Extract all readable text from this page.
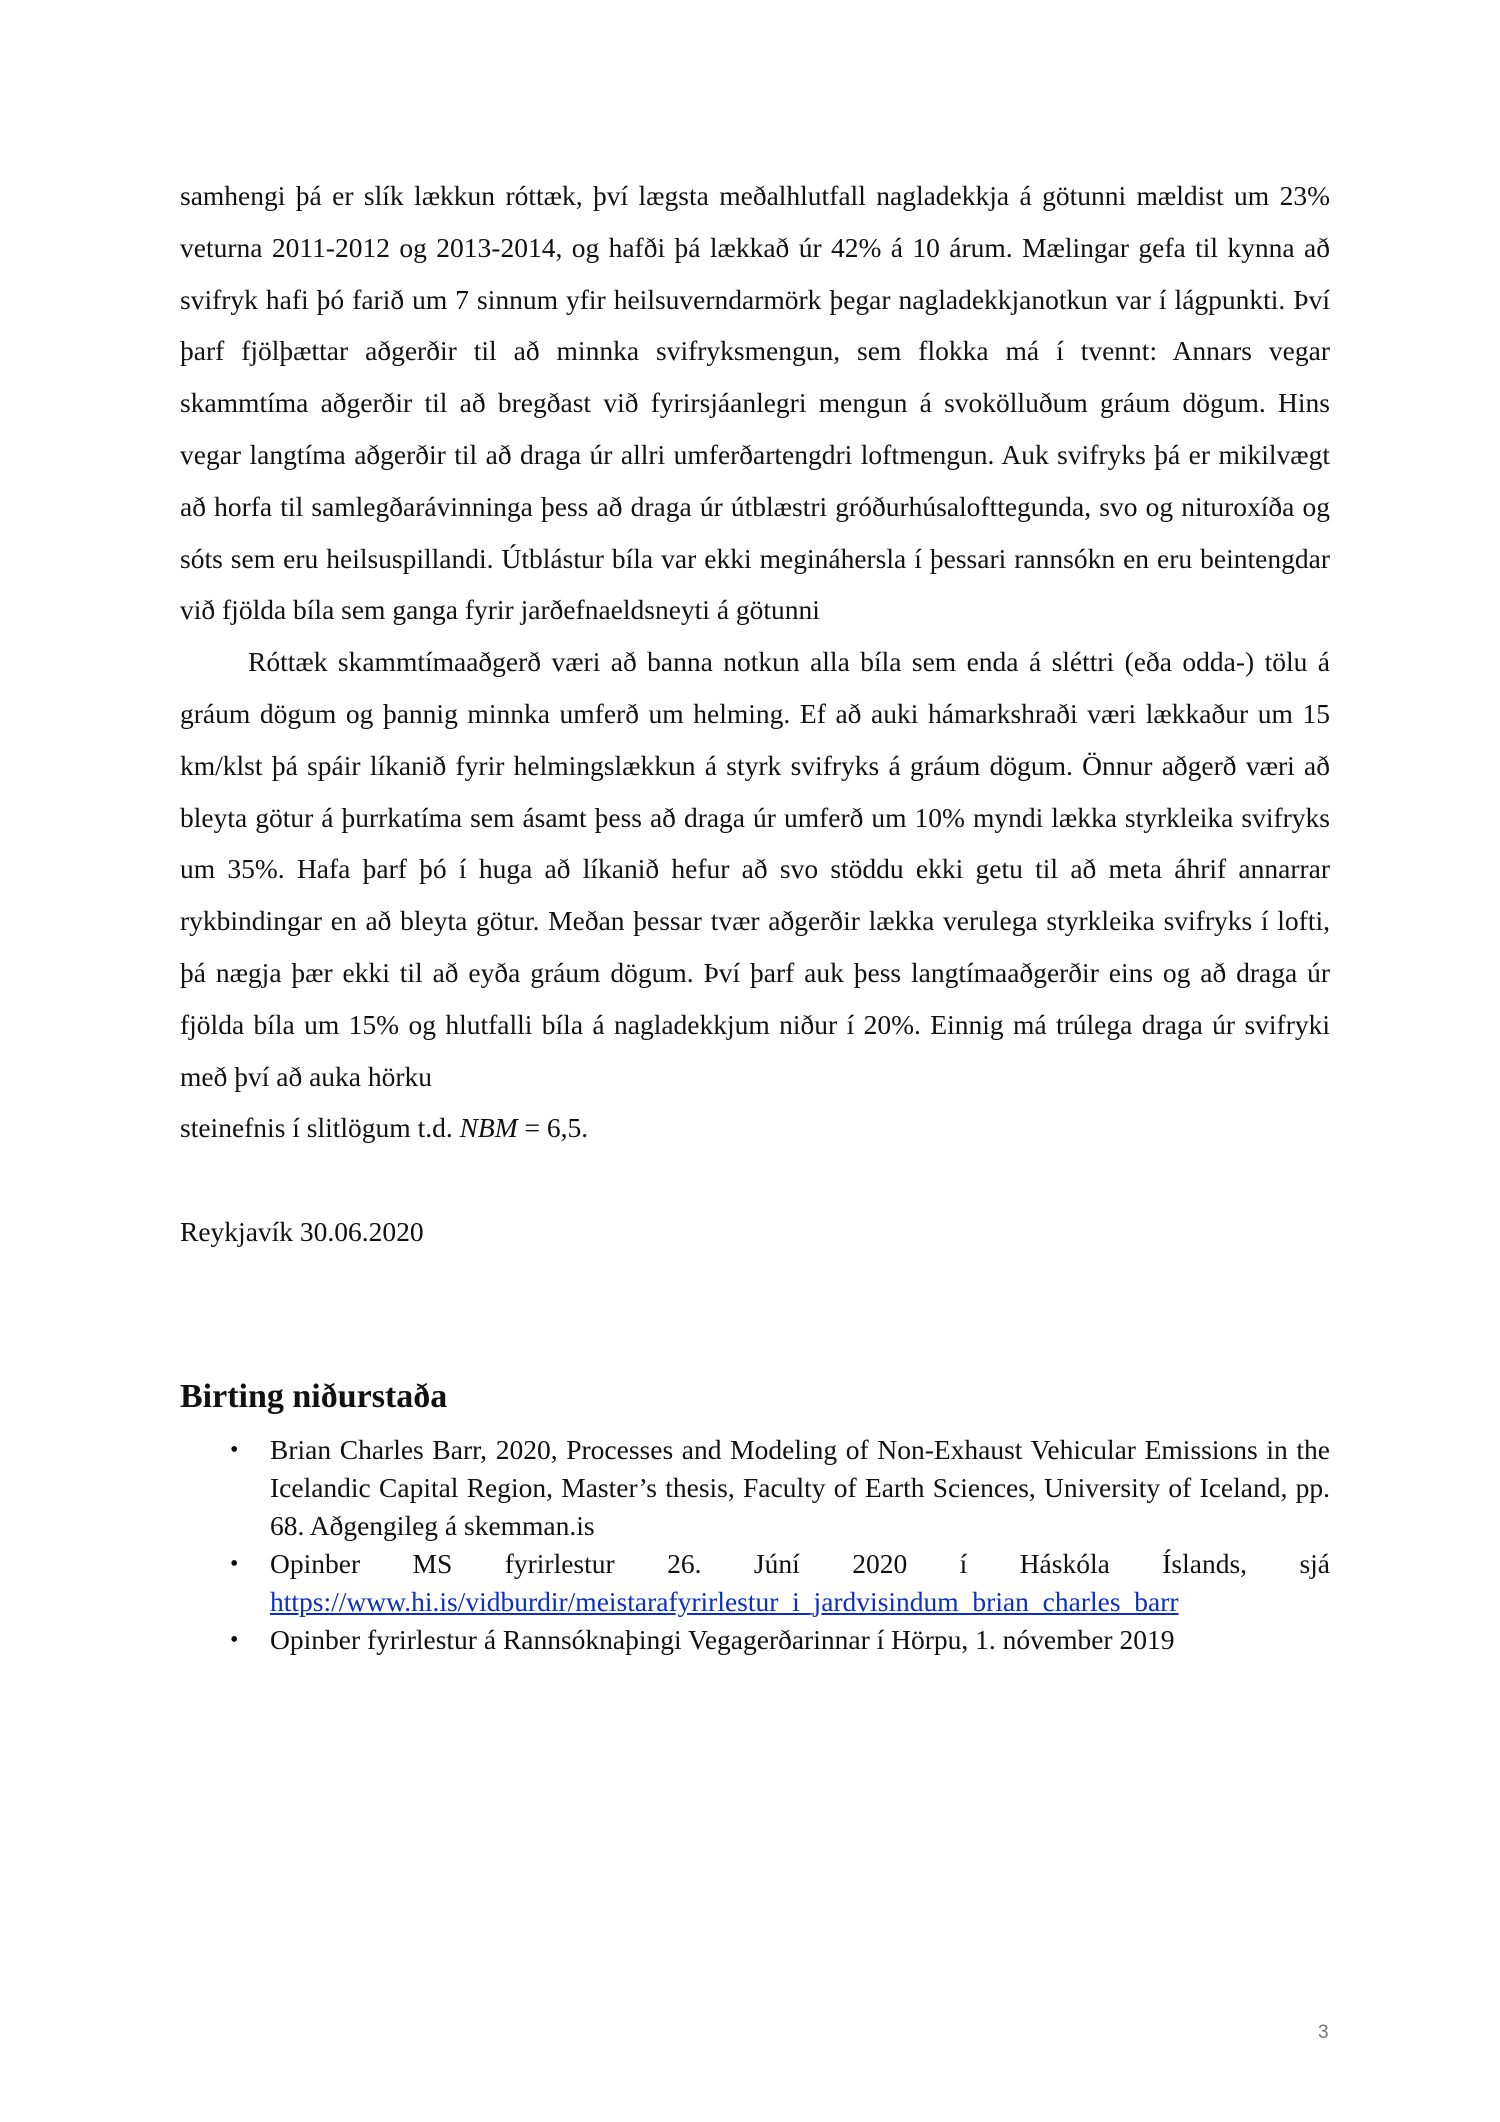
samhengi þá er slík lækkun róttæk, því lægsta meðalhlutfall nagladekkja á götunni mældist um 23% veturna 2011-2012 og 2013-2014, og hafði þá lækkað úr 42% á 10 árum. Mælingar gefa til kynna að svifryk hafi þó farið um 7 sinnum yfir heilsuverndarmörk þegar nagladekkjanotkun var í lágpunkti. Því þarf fjölþættar aðgerðir til að minnka svifryksmengun, sem flokka má í tvennt: Annars vegar skammtíma aðgerðir til að bregðast við fyrirsjáanlegri mengun á svokölluðum gráum dögum. Hins vegar langtíma aðgerðir til að draga úr allri umferðartengdri loftmengun. Auk svifryks þá er mikilvægt að horfa til samlegðarávinninga þess að draga úr útblæstri gróðurhúsalofttegunda, svo og nituroxíða og sóts sem eru heilsuspillandi. Útblástur bíla var ekki megináhersla í þessari rannsókn en eru beintengdar við fjölda bíla sem ganga fyrir jarðefnaeldsneyti á götunni

Róttæk skammtímaaðgerð væri að banna notkun alla bíla sem enda á sléttri (eða odda-) tölu á gráum dögum og þannig minnka umferð um helming. Ef að auki hámarkshraði væri lækkaður um 15 km/klst þá spáir líkanið fyrir helmingslækkun á styrk svifryks á gráum dögum. Önnur aðgerð væri að bleyta götur á þurrkatíma sem ásamt þess að draga úr umferð um 10% myndi lækka styrkleika svifryks um 35%. Hafa þarf þó í huga að líkanið hefur að svo stöddu ekki getu til að meta áhrif annarrar rykbindingar en að bleyta götur. Meðan þessar tvær aðgerðir lækka verulega styrkleika svifryks í lofti, þá nægja þær ekki til að eyða gráum dögum. Því þarf auk þess langtímaaðgerðir eins og að draga úr fjölda bíla um 15% og hlutfalli bíla á nagladekkjum niður í 20%. Einnig má trúlega draga úr svifryki með því að auka hörku

steinefnis í slitlögum t.d. NBM = 6,5.

Reykjavík 30.06.2020

Birting niðurstaða
• Brian Charles Barr, 2020, Processes and Modeling of Non-Exhaust Vehicular Emissions in the Icelandic Capital Region, Master’s thesis, Faculty of Earth Sciences, University of Iceland, pp. 68. Aðgengileg á skemman.is
• Opinber MS fyrirlestur 26. Júní 2020 í Háskóla Íslands, sjá https://www.hi.is/vidburdir/meistarafyrirlestur_i_jardvisindum_brian_charles_barr
• Opinber fyrirlestur á Rannsóknaþingi Vegagerðarinnar í Hörpu, 1. nóvember 2019
3
